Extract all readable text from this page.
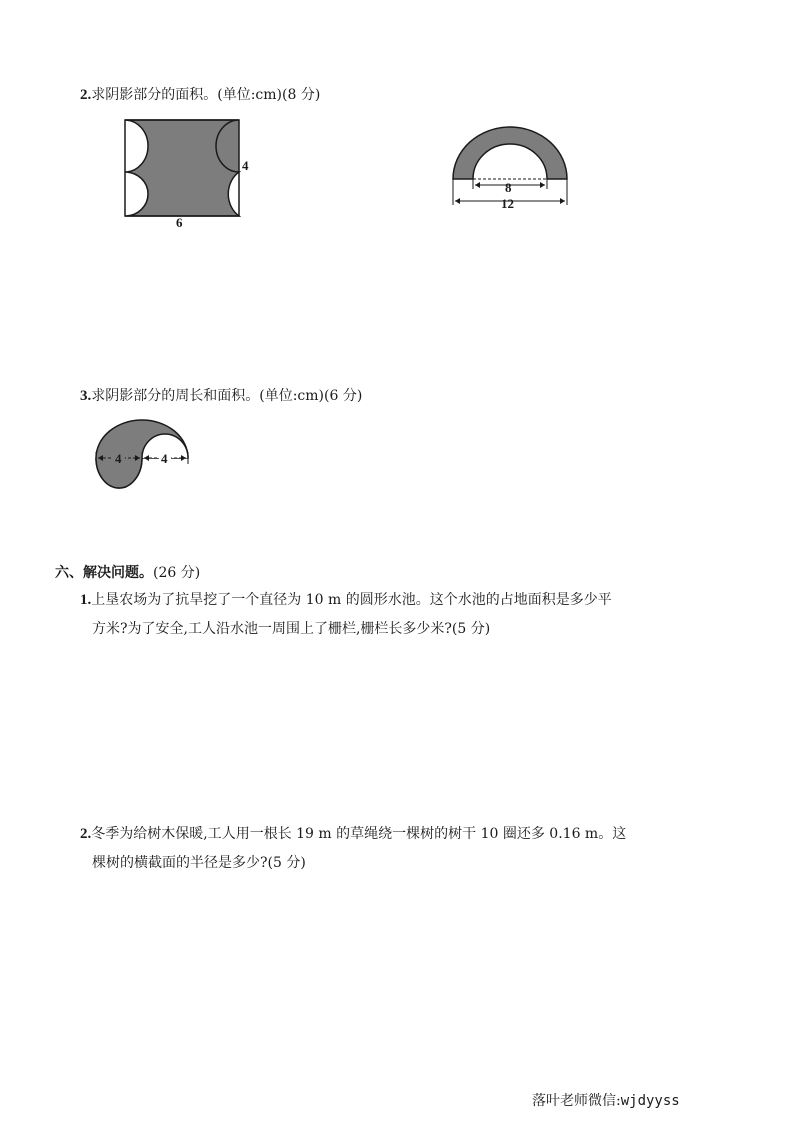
2.求阴影部分的面积。(单位:cm)(8 分)
4
6
8
12
3.求阴影部分的周长和面积。(单位:cm)(6 分)
4	4
六、解决问题。(26 分)
1.上垦农场为了抗旱挖了一个直径为 10 m 的圆形水池。这个水池的占地面积是多少平
方米?为了安全,工人沿水池一周围上了栅栏,栅栏长多少米?(5 分)
2.冬季为给树木保暖,工人用一根长 19 m 的草绳绕一棵树的树干 10 圈还多 0.16 m。这
棵树的横截面的半径是多少?(5 分)
落叶老师微信:wjdyyss
